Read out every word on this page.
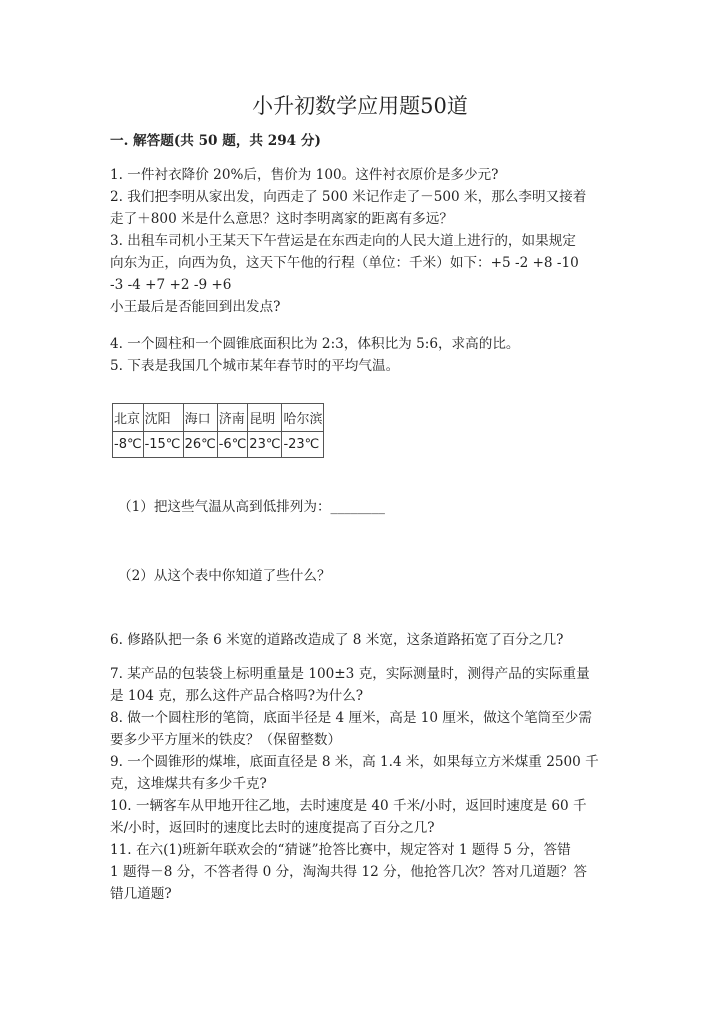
小升初数学应用题50道
一. 解答题(共 50 题，共 294 分)
1. 一件衬衣降价 20%后，售价为 100。这件衬衣原价是多少元?
2. 我们把李明从家出发，向西走了 500 米记作走了－500 米，那么李明又接着
走了＋800 米是什么意思？这时李明离家的距离有多远？
3. 出租车司机小王某天下午营运是在东西走向的人民大道上进行的，如果规定
向东为正，向西为负，这天下午他的行程（单位：千米）如下：+5 -2 +8 -10
-3 -4 +7 +2 -9 +6
小王最后是否能回到出发点?
4. 一个圆柱和一个圆锥底面积比为 2:3，体积比为 5:6，求高的比。
5. 下表是我国几个城市某年春节时的平均气温。
（1）把这些气温从高到低排列为：________
（2）从这个表中你知道了些什么？
6. 修路队把一条 6 米宽的道路改造成了 8 米宽，这条道路拓宽了百分之几?
7. 某产品的包装袋上标明重量是 100±3 克，实际测量时，测得产品的实际重量
是 104 克，那么这件产品合格吗?为什么?
8. 做一个圆柱形的笔筒，底面半径是 4 厘米，高是 10 厘米，做这个笔筒至少需
要多少平方厘米的铁皮？（保留整数）
9. 一个圆锥形的煤堆，底面直径是 8 米，高 1.4 米，如果每立方米煤重 2500 千
克，这堆煤共有多少千克?
10. 一辆客车从甲地开往乙地，去时速度是 40 千米/小时，返回时速度是 60 千
米/小时，返回时的速度比去时的速度提高了百分之几?
11. 在六(1)班新年联欢会的“猜谜”抢答比赛中，规定答对 1 题得 5 分，答错
1 题得－8 分，不答者得 0 分，淘淘共得 12 分，他抢答几次？答对几道题？答
错几道题?
北京	沈阳	海口	济南	昆明	哈尔滨
-8℃	-15℃	26℃	-6℃	23℃	-23℃
